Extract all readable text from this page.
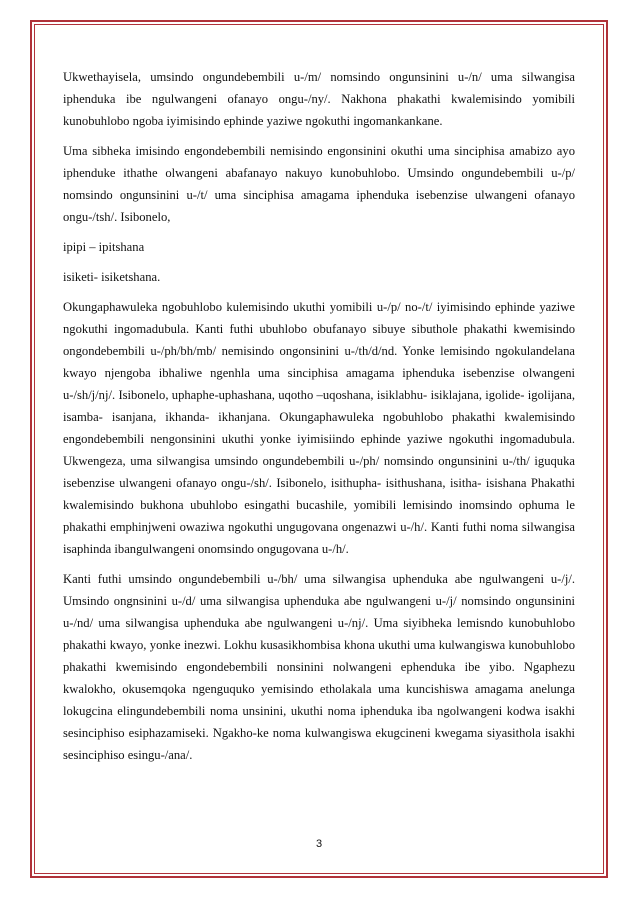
Ukwethayisela, umsindo ongundebembili u-/m/ nomsindo ongunsinini u-/n/ uma silwangisa iphenduka ibe ngulwangeni ofanayo ongu-/ny/. Nakhona phakathi kwalemisindo yomibili kunobuhlobo ngoba iyimisindo ephinde yaziwe ngokuthi ingomankankane.

Uma sibheka imisindo engondebembili nemisindo engonsinini okuthi uma sinciphisa amabizo ayo iphenduke ithathe olwangeni abafanayo nakuyo kunobuhlobo. Umsindo ongundebembili u-/p/ nomsindo ongunsinini u-/t/ uma sinciphisa amagama iphenduka isebenzise ulwangeni ofanayo ongu-/tsh/. Isibonelo,

ipipi – ipitshana

isiketi- isiketshana.

Okungaphawuleka ngobuhlobo kulemisindo ukuthi yomibili u-/p/ no-/t/ iyimisindo ephinde yaziwe ngokuthi ingomadubula. Kanti futhi ubuhlobo obufanayo sibuye sibuthole phakathi kwemisindo ongondebembili u-/ph/bh/mb/ nemisindo ongonsinini u-/th/d/nd. Yonke lemisindo ngokulandelana kwayo njengoba ibhaliwe ngenhla uma sinciphisa amagama iphenduka isebenzise olwangeni u-/sh/j/nj/. Isibonelo, uphaphe-uphashana, uqotho –uqoshana, isiklabhu- isiklajana, igolide- igolijana, isamba- isanjana, ikhanda- ikhanjana. Okungaphawuleka ngobuhlobo phakathi kwalemisindo engondebembili nengonsinini ukuthi yonke iyimisiindo ephinde yaziwe ngokuthi ingomadubula. Ukwengeza, uma silwangisa umsindo ongundebembili u-/ph/ nomsindo ongunsinini u-/th/ iguquka isebenzise ulwangeni ofanayo ongu-/sh/. Isibonelo, isithupha- isithushana, isitha- isishana Phakathi kwalemisindo bukhona ubuhlobo esingathi bucashile, yomibili lemisindo inomsindo ophuma le phakathi emphinjweni owaziwa ngokuthi ungugovana ongenazwi u-/h/. Kanti futhi noma silwangisa isaphinda ibangulwangeni onomsindo ongugovana u-/h/.

Kanti futhi umsindo ongundebembili u-/bh/ uma silwangisa uphenduka abe ngulwangeni u-/j/. Umsindo ongnsinini u-/d/ uma silwangisa uphenduka abe ngulwangeni u-/j/ nomsindo ongunsinini u-/nd/ uma silwangisa uphenduka abe ngulwangeni u-/nj/. Uma siyibheka lemisndo kunobuhlobo phakathi kwayo, yonke inezwi. Lokhu kusasikhombisa khona ukuthi uma kulwangiswa kunobuhlobo phakathi kwemisindo engondebembili nonsinini nolwangeni ephenduka ibe yibo. Ngaphezu kwalokho, okusemqoka ngenguquko yemisindo etholakala uma kuncishiswa amagama anelunga lokugcina elingundebembili noma unsinini, ukuthi noma iphenduka iba ngolwangeni kodwa isakhi sesinciphiso esiphazamiseki. Ngakho-ke noma kulwangiswa ekugcineni kwegama siyasithola isakhi sesinciphiso esingu-/ana/.

3
